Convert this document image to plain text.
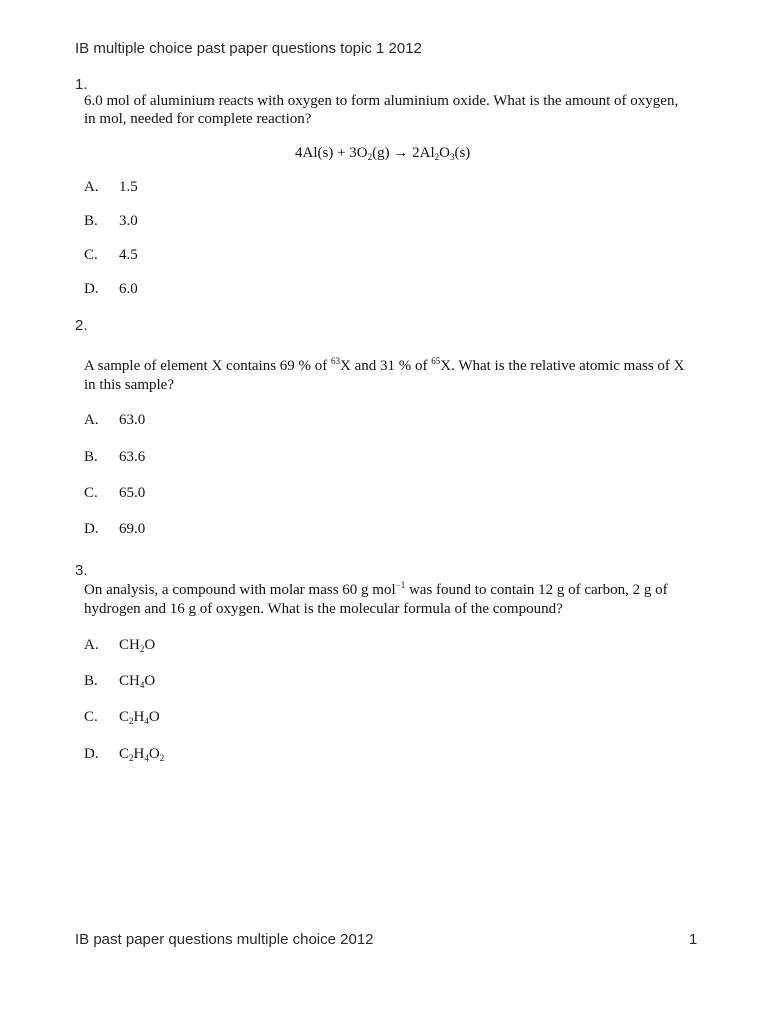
IB multiple choice past paper questions topic 1 2012
1.
6.0 mol of aluminium reacts with oxygen to form aluminium oxide. What is the amount of oxygen,
in mol, needed for complete reaction?
$4Al(s) + 3O_2(g) \to 2Al_2O_3(s)$
A. 1.5
B. 3.0
C. 4.5
D. 6.0
2.
A sample of element X contains 69 % of $^{63}$X and 31 % of $^{65}$X. What is the relative atomic mass of X
in this sample?
A. 63.0
B. 63.6
C. 65.0
D. 69.0
3.
On analysis, a compound with molar mass 60 g mol$^{-1}$ was found to contain 12 g of carbon, 2 g of
hydrogen and 16 g of oxygen. What is the molecular formula of the compound?
A. $CH_2O$
B. $CH_4O$
C. $C_2H_4O$
D. $C_2H_4O_2$
IB past paper questions multiple choice 2012	1
